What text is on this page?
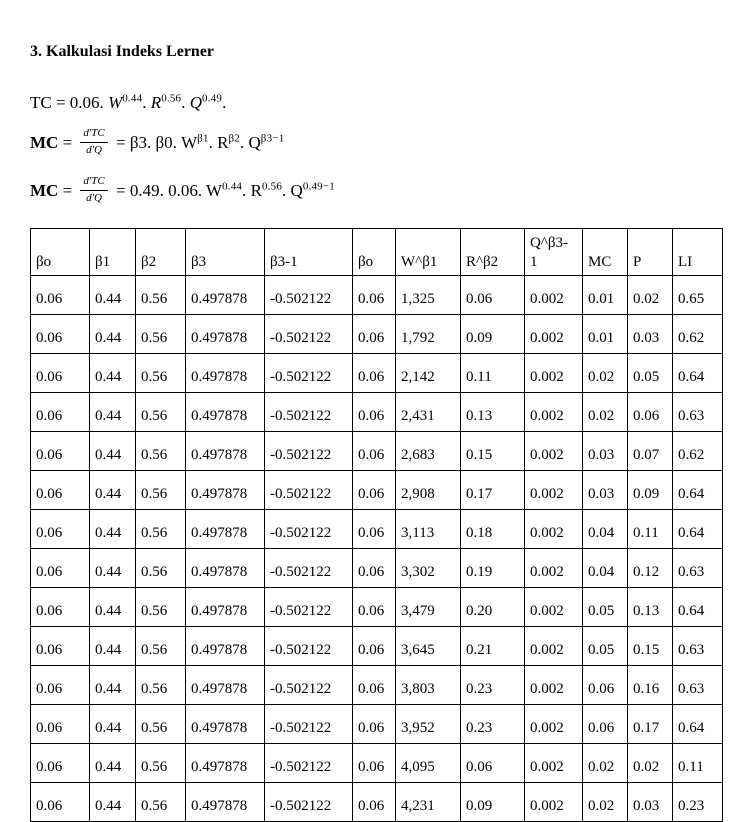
3. Kalkulasi Indeks Lerner
TC = 0.06. $W^{0.44}$. $R^{0.56}$. $Q^{0.49}$.
MC = $\frac{d'TC}{d'Q} = \beta 3$. β0. $W^{\beta 1}$. $R^{\beta 2}$. $Q^{\beta 3-1}$
MC = $\frac{d'TC}{d'Q} = 0.49$. 0.06. $W^{0.44}$. $R^{0.56}$. $Q^{0.49-1}$
βo	β1	β2	β3	β3-1	βo	W^β1	R^β2	Q^β3-1	MC	P	LI
0.06	0.44	0.56	0.497878	-0.502122	0.06	1,325	0.06	0.002	0.01	0.02	0.65
0.06	0.44	0.56	0.497878	-0.502122	0.06	1,792	0.09	0.002	0.01	0.03	0.62
0.06	0.44	0.56	0.497878	-0.502122	0.06	2,142	0.11	0.002	0.02	0.05	0.64
0.06	0.44	0.56	0.497878	-0.502122	0.06	2,431	0.13	0.002	0.02	0.06	0.63
0.06	0.44	0.56	0.497878	-0.502122	0.06	2,683	0.15	0.002	0.03	0.07	0.62
0.06	0.44	0.56	0.497878	-0.502122	0.06	2,908	0.17	0.002	0.03	0.09	0.64
0.06	0.44	0.56	0.497878	-0.502122	0.06	3,113	0.18	0.002	0.04	0.11	0.64
0.06	0.44	0.56	0.497878	-0.502122	0.06	3,302	0.19	0.002	0.04	0.12	0.63
0.06	0.44	0.56	0.497878	-0.502122	0.06	3,479	0.20	0.002	0.05	0.13	0.64
0.06	0.44	0.56	0.497878	-0.502122	0.06	3,645	0.21	0.002	0.05	0.15	0.63
0.06	0.44	0.56	0.497878	-0.502122	0.06	3,803	0.23	0.002	0.06	0.16	0.63
0.06	0.44	0.56	0.497878	-0.502122	0.06	3,952	0.23	0.002	0.06	0.17	0.64
0.06	0.44	0.56	0.497878	-0.502122	0.06	4,095	0.06	0.002	0.02	0.02	0.11
0.06	0.44	0.56	0.497878	-0.502122	0.06	4,231	0.09	0.002	0.02	0.03	0.23
